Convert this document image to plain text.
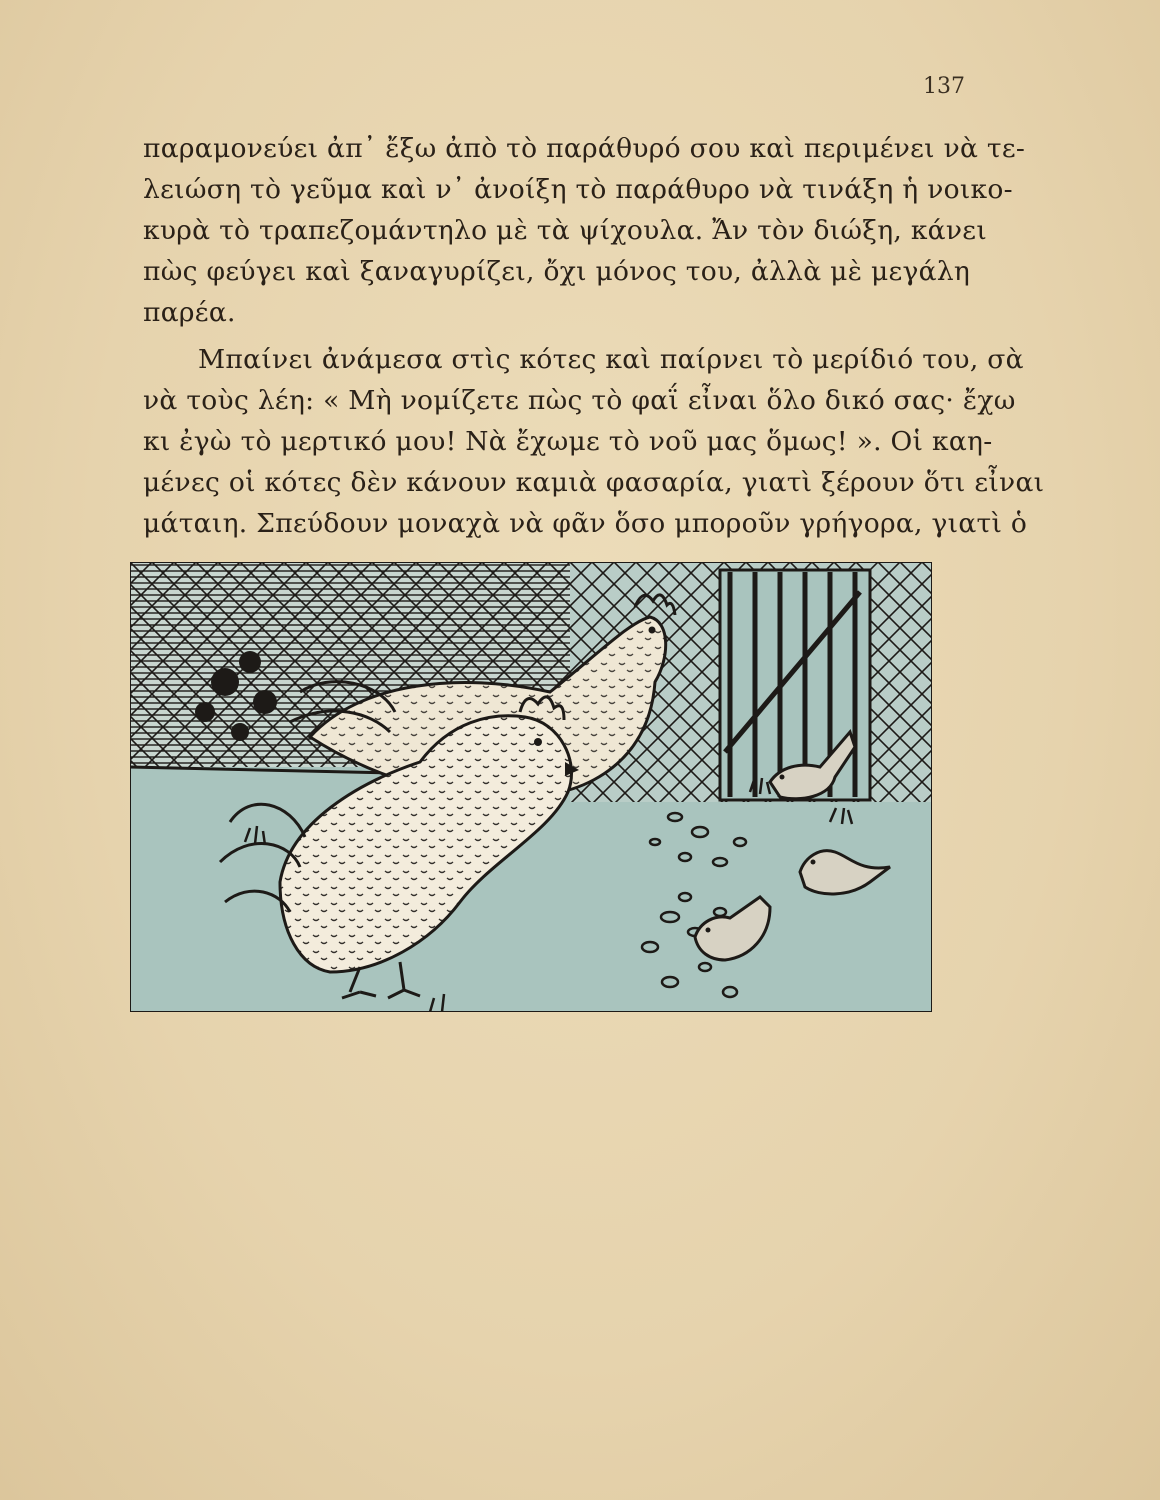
137
παραμονεύει ἀπ᾽ ἔξω ἀπὸ τὸ παράθυρό σου καὶ περιμένει νὰ τε-
λειώση τὸ γεῦμα καὶ ν᾽ ἀνοίξη τὸ παράθυρο νὰ τινάξη ἡ νοικο-
κυρὰ τὸ τραπεζομάντηλο μὲ τὰ ψίχουλα. Ἄν τὸν διώξη, κάνει
πὼς φεύγει καὶ ξαναγυρίζει, ὄχι μόνος του, ἀλλὰ μὲ μεγάλη
παρέα.
Μπαίνει ἀνάμεσα στὶς κότες καὶ παίρνει τὸ μερίδιό του, σὰ
νὰ τοὺς λέη: « Μὴ νομίζετε πὼς τὸ φαΐ εἶναι ὅλο δικό σας· ἔχω
κι ἐγὼ τὸ μερτικό μου! Νὰ ἔχωμε τὸ νοῦ μας ὅμως! ». Οἱ καη-
μένες οἱ κότες δὲν κάνουν καμιὰ φασαρία, γιατὶ ξέρουν ὅτι εἶναι
μάταιη. Σπεύδουν μοναχὰ νὰ φᾶν ὅσο μποροῦν γρήγορα, γιατὶ ὁ
